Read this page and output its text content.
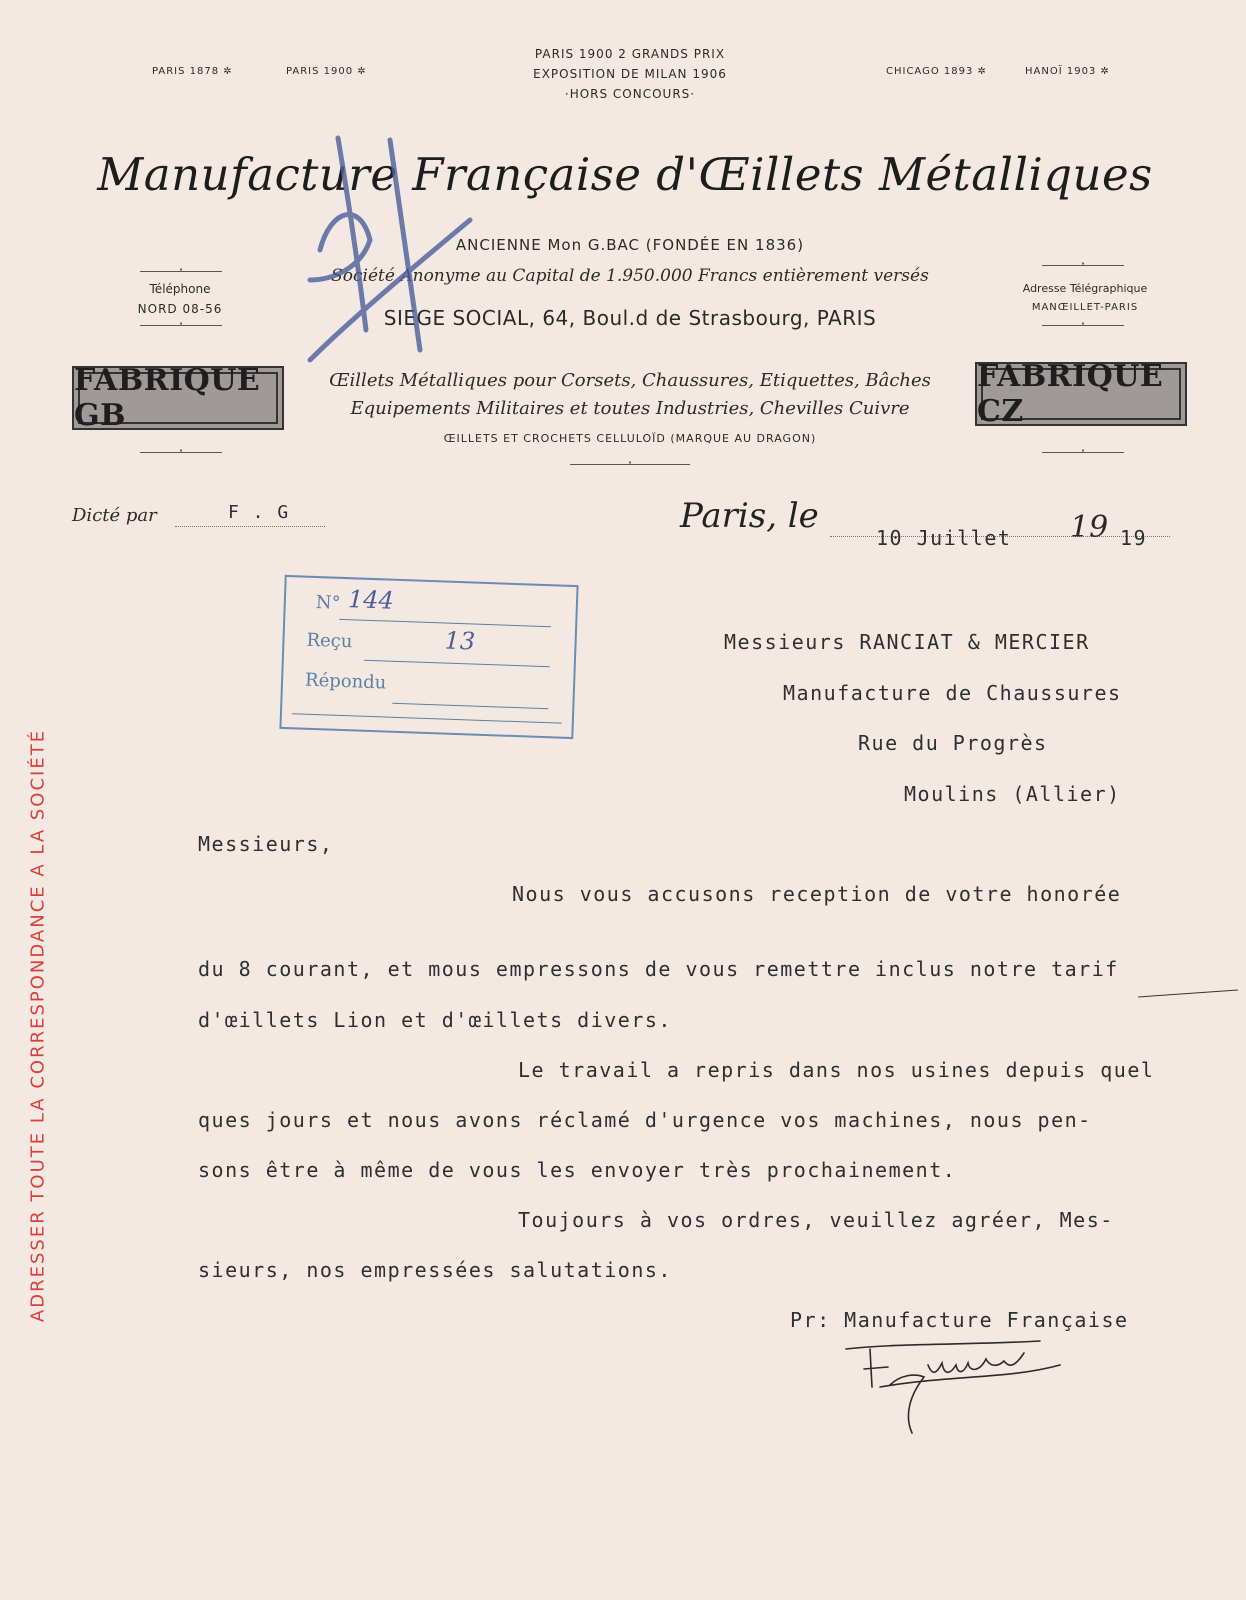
PARIS 1878 ✲	PARIS 1900 ✲
PARIS 1900 2 GRANDS PRIX
EXPOSITION DE MILAN 1906
·HORS CONCOURS·
CHICAGO 1893 ✲	HANOÏ 1903 ✲
Manufacture Française d'Œillets Métalliques
ANCIENNE Mon G.BAC (FONDÉE EN 1836)
Société Anonyme au Capital de 1.950.000 Francs entièrement versés
SIEGE SOCIAL, 64, Boul.d de Strasbourg, PARIS
·
Téléphone
NORD 08-56
·
·
Adresse Télégraphique
MANŒILLET-PARIS
·
FABRIQUE GB
FABRIQUE CZ
·
·
Œillets Métalliques pour Corsets, Chaussures, Etiquettes, Bâches
Equipements Militaires et toutes Industries, Chevilles Cuivre
ŒILLETS ET CROCHETS CELLULOÏD (MARQUE AU DRAGON)
·
Dicté par	F . G	Paris, le
10 Juillet 19 19
N° 144
Reçu	13
Répondu
Messieurs RANCIAT & MERCIER
Manufacture de Chaussures
Rue du Progrès
Moulins (Allier)
Messieurs,
Nous vous accusons reception de votre honorée
du 8 courant, et mous empressons de vous remettre inclus notre tarif
d'œillets Lion et d'œillets divers.
Le travail a repris dans nos usines depuis quel
ques jours et nous avons réclamé d'urgence vos machines, nous pen-
sons être à même de vous les envoyer très prochainement.
Toujours à vos ordres, veuillez agréer, Mes-
sieurs, nos empressées salutations.
Pr: Manufacture Française
ADRESSER TOUTE LA CORRESPONDANCE A LA SOCIÉTÉ
